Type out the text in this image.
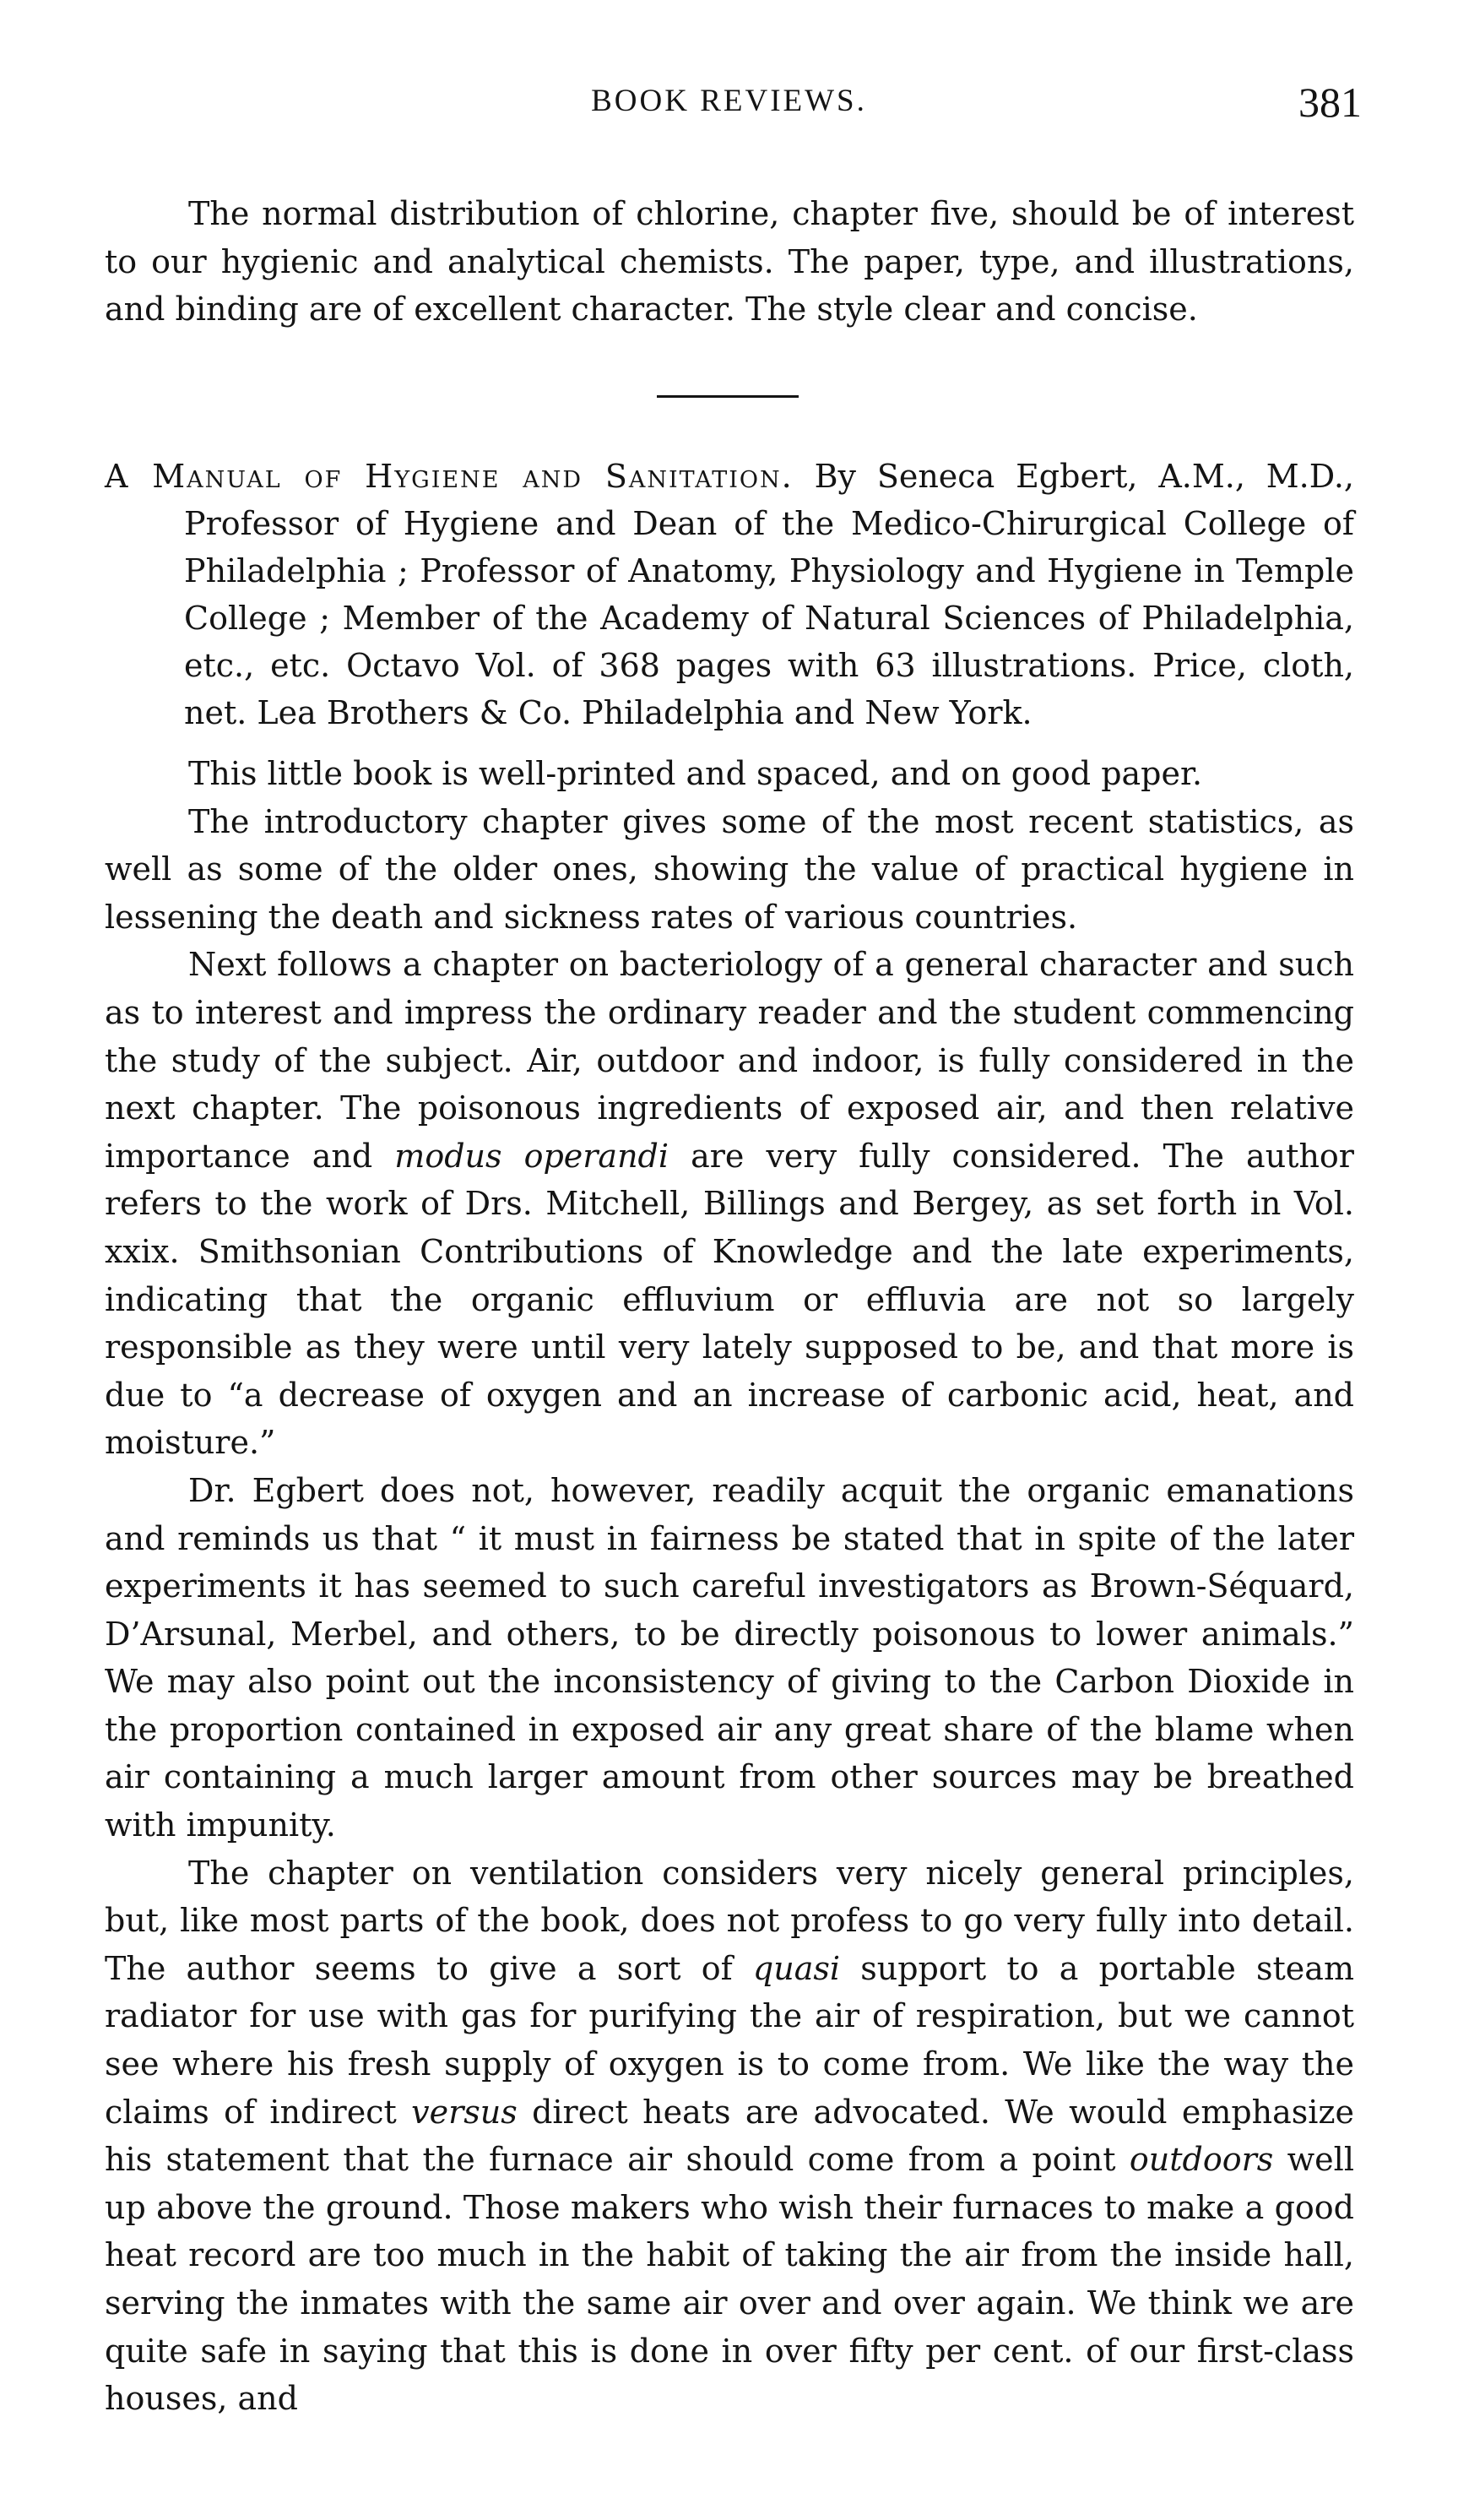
BOOK REVIEWS.	381

The normal distribution of chlorine, chapter five, should be of interest to our hygienic and analytical chemists. The paper, type, and illustrations, and binding are of excellent character. The style clear and concise.

A Manual of Hygiene and Sanitation. By Seneca Egbert, A.M., M.D., Professor of Hygiene and Dean of the Medico-Chirurgical College of Philadelphia ; Professor of Anatomy, Physiology and Hygiene in Temple College ; Member of the Academy of Natural Sciences of Philadelphia, etc., etc. Octavo Vol. of 368 pages with 63 illustrations. Price, cloth, net. Lea Brothers & Co. Philadelphia and New York.

This little book is well-printed and spaced, and on good paper.

The introductory chapter gives some of the most recent statistics, as well as some of the older ones, showing the value of practical hygiene in lessening the death and sickness rates of various countries.

Next follows a chapter on bacteriology of a general character and such as to interest and impress the ordinary reader and the student commencing the study of the subject. Air, outdoor and indoor, is fully considered in the next chapter. The poisonous ingredients of exposed air, and then relative importance and modus operandi are very fully considered. The author refers to the work of Drs. Mitchell, Billings and Bergey, as set forth in Vol. xxix. Smithsonian Contributions of Knowledge and the late experiments, indicating that the organic effluvium or effluvia are not so largely responsible as they were until very lately supposed to be, and that more is due to “a decrease of oxygen and an increase of carbonic acid, heat, and moisture.”

Dr. Egbert does not, however, readily acquit the organic emanations and reminds us that “ it must in fairness be stated that in spite of the later experiments it has seemed to such careful investigators as Brown-Séquard, D’Arsunal, Merbel, and others, to be directly poisonous to lower animals.” We may also point out the inconsistency of giving to the Carbon Dioxide in the proportion contained in exposed air any great share of the blame when air containing a much larger amount from other sources may be breathed with impunity.

The chapter on ventilation considers very nicely general principles, but, like most parts of the book, does not profess to go very fully into detail. The author seems to give a sort of quasi support to a portable steam radiator for use with gas for purifying the air of respiration, but we cannot see where his fresh supply of oxygen is to come from. We like the way the claims of indirect versus direct heats are advocated. We would emphasize his statement that the furnace air should come from a point outdoors well up above the ground. Those makers who wish their furnaces to make a good heat record are too much in the habit of taking the air from the inside hall, serving the inmates with the same air over and over again. We think we are quite safe in saying that this is done in over fifty per cent. of our first-class houses, and
